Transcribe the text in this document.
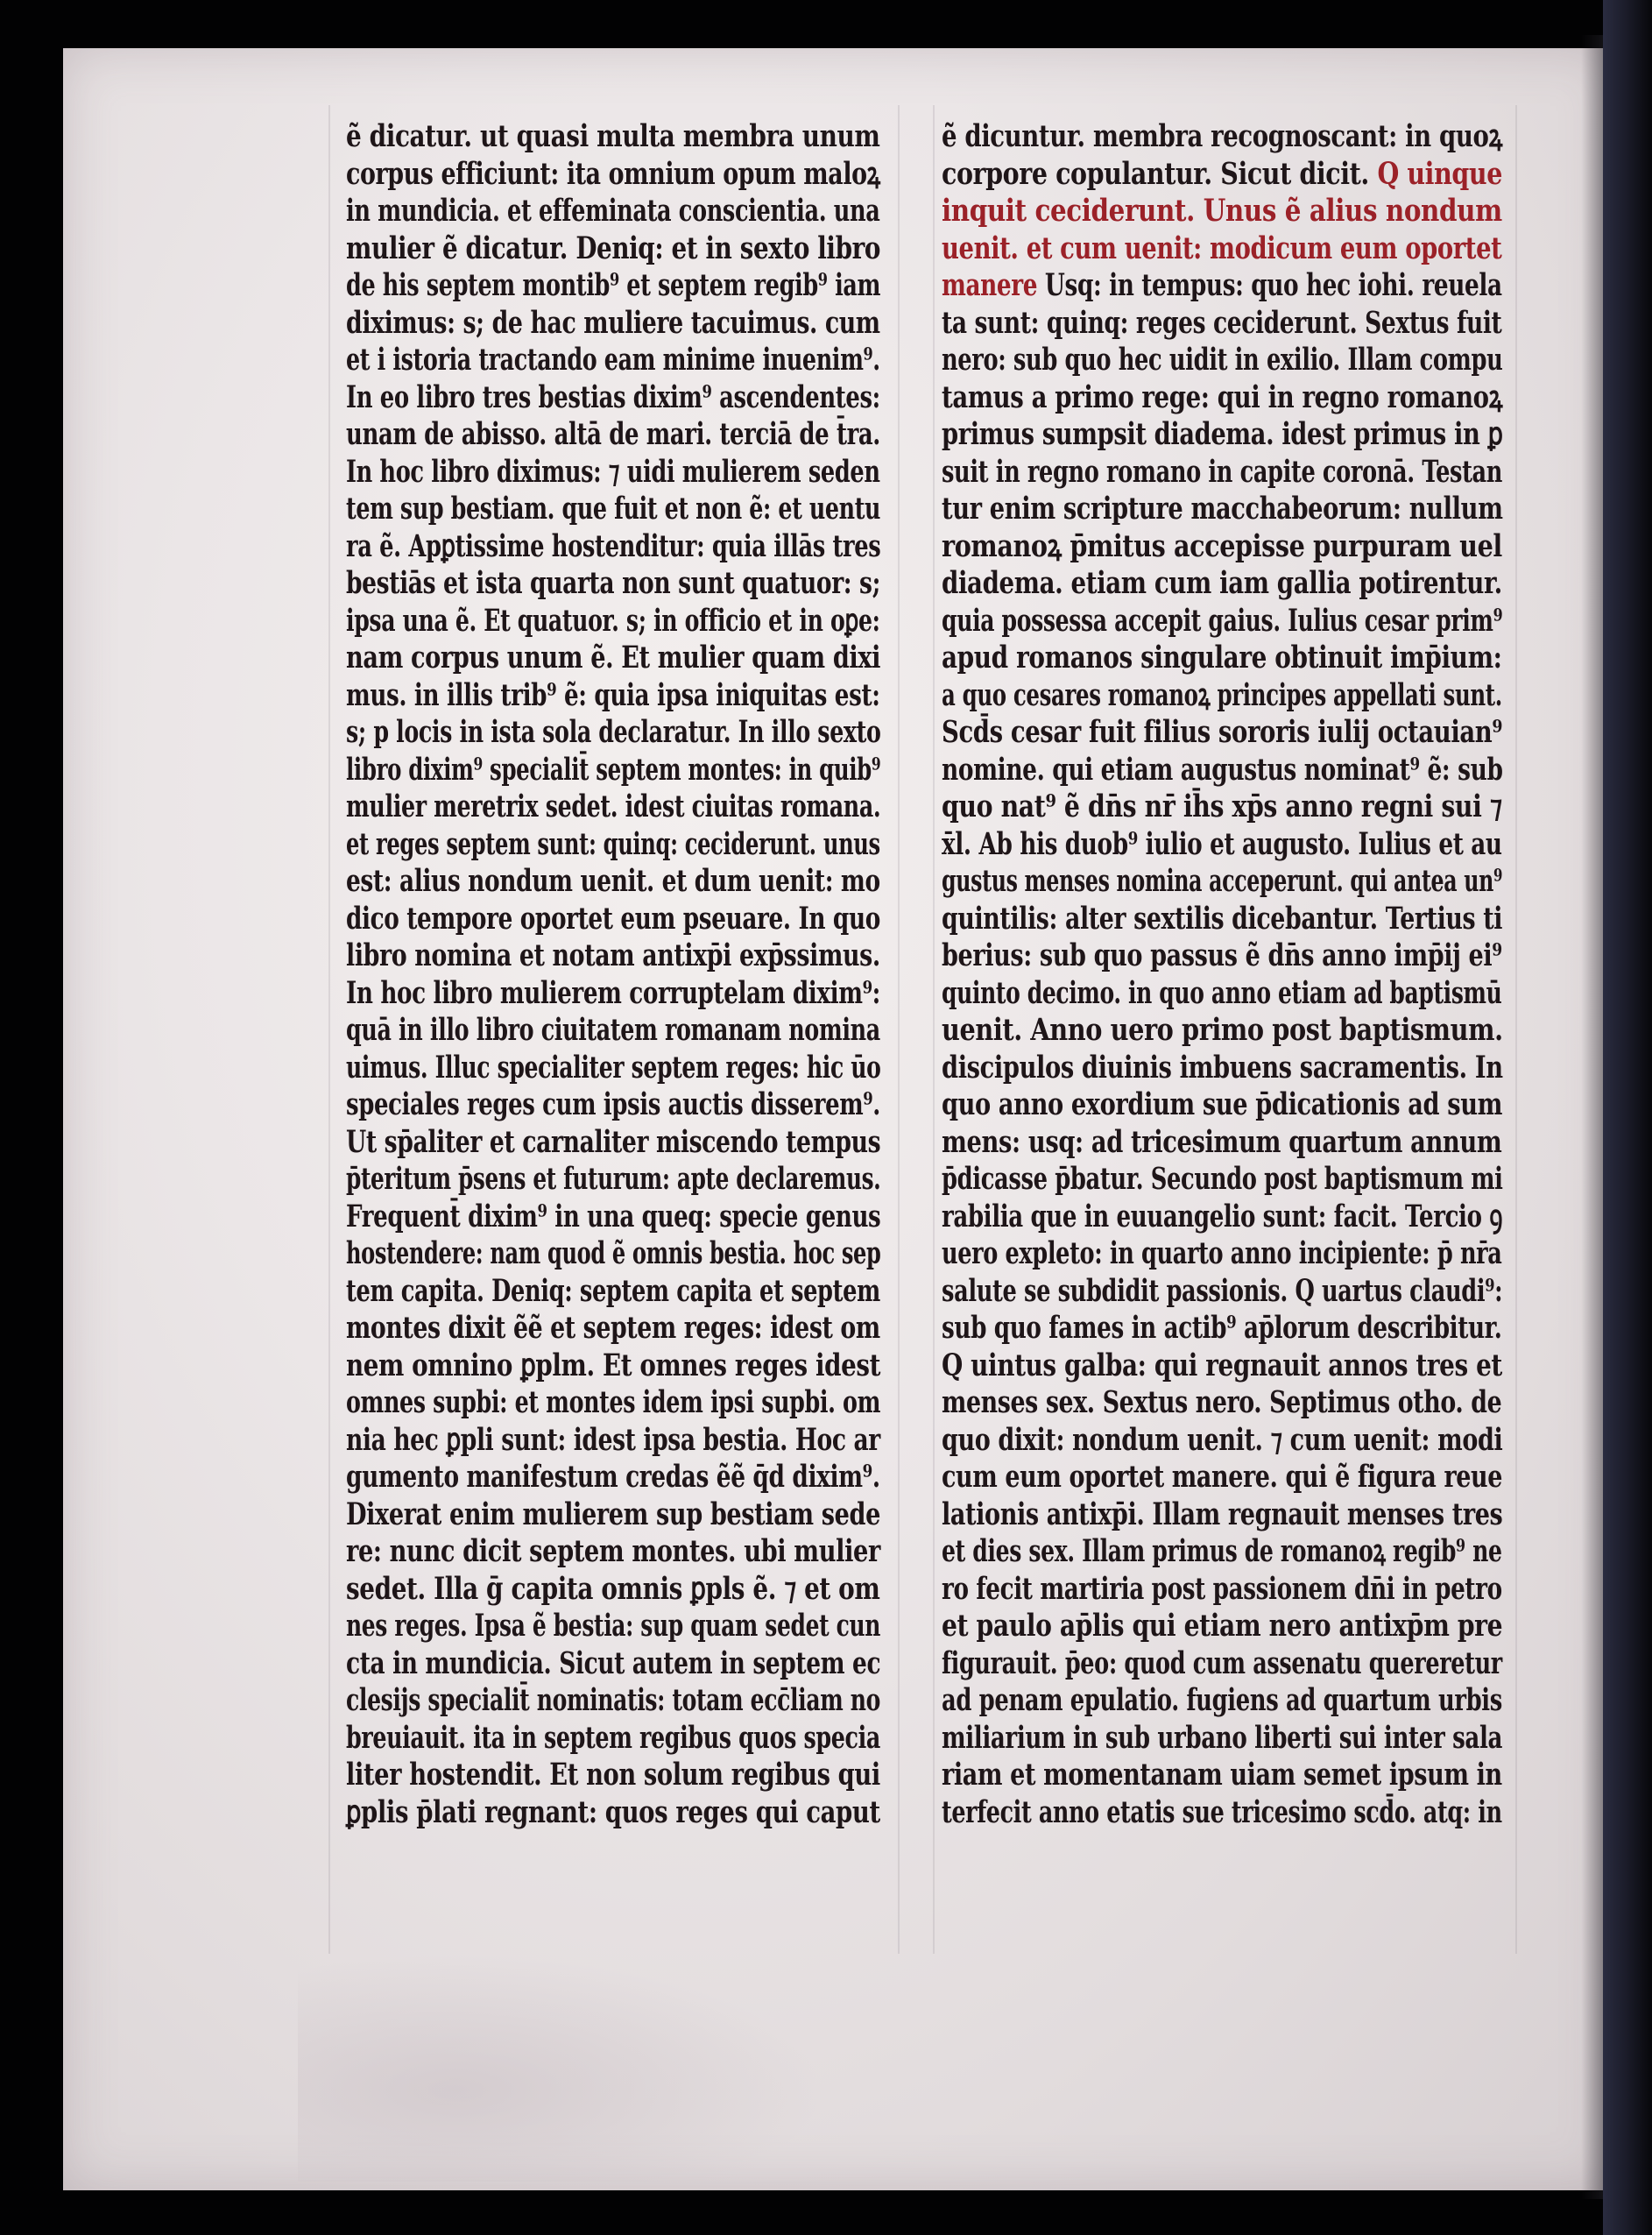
ẽ dicatur. ut quasi multa membra unum
corpus efficiunt: ita omnium opum maloꝝ
in mundicia. et effeminata conscientia. una
mulier ẽ dicatur. Deniq: et in sexto libro
de his septem montib⁹ et septem regib⁹ iam
diximus: s; de hac muliere tacuimus. cum
et i istoria tractando eam minime inuenim⁹.
In eo libro tres bestias dixim⁹ ascendentes:
unam de abisso. altā de mari. terciā de t̄ra.
In hoc libro diximus: ⁊ uidi mulierem seden
tem sup bestiam. que fuit et non ẽ: et uentu
ra ẽ. Apꝑtissime hostenditur: quia illās tres
bestiās et ista quarta non sunt quatuor: s;
ipsa una ẽ. Et quatuor. s; in officio et in oꝑe:
nam corpus unum ẽ. Et mulier quam dixi
mus. in illis trib⁹ ẽ: quia ipsa iniquitas est:
s; p locis in ista sola declaratur. In illo sexto
libro dixim⁹ specialit̄ septem montes: in quib⁹
mulier meretrix sedet. idest ciuitas romana.
et reges septem sunt: quinq: ceciderunt. unus
est: alius nondum uenit. et dum uenit: mo
dico tempore oportet eum pseuare. In quo
libro nomina et notam antixp̄i exp̄ssimus.
In hoc libro mulierem corruptelam dixim⁹:
quā in illo libro ciuitatem romanam nomina
uimus. Illuc specialiter septem reges: hic ūo
speciales reges cum ipsis auctis disserem⁹.
Ut sp̄aliter et carnaliter miscendo tempus
p̄teritum p̄sens et futurum: apte declaremus.
Frequent̄ dixim⁹ in una queq: specie genus
hostendere: nam quod ẽ omnis bestia. hoc sep
tem capita. Deniq: septem capita et septem
montes dixit ẽẽ et septem reges: idest om
nem omnino ꝑplm. Et omnes reges idest
omnes supbi: et montes idem ipsi supbi. om
nia hec ꝑpli sunt: idest ipsa bestia. Hoc ar
gumento manifestum credas ẽẽ q̄d dixim⁹.
Dixerat enim mulierem sup bestiam sede
re: nunc dicit septem montes. ubi mulier
sedet. Illa ḡ capita omnis ꝑpls ẽ. ⁊ et om
nes reges. Ipsa ẽ bestia: sup quam sedet cun
cta in mundicia. Sicut autem in septem ec
clesijs specialit̄ nominatis: totam ecc̄liam no
breuiauit. ita in septem regibus quos specia
liter hostendit. Et non solum regibus qui
ꝑplis p̄lati regnant: quos reges qui caput
ẽ dicuntur. membra recognoscant: in quoꝝ
corpore copulantur. Sicut dicit. Q uinque
inquit ceciderunt. Unus ẽ alius nondum
uenit. et cum uenit: modicum eum oportet
manere Usq: in tempus: quo hec iohi. reuela
ta sunt: quinq: reges ceciderunt. Sextus fuit
nero: sub quo hec uidit in exilio. Illam compu
tamus a primo rege: qui in regno romanoꝝ
primus sumpsit diadema. idest primus in ꝑ
suit in regno romano in capite coronā. Testan
tur enim scripture macchabeorum: nullum
romanoꝝ p̄mitus accepisse purpuram uel
diadema. etiam cum iam gallia potirentur.
quia possessa accepit gaius. Iulius cesar prim⁹
apud romanos singulare obtinuit imp̄ium:
a quo cesares romanoꝝ principes appellati sunt.
Scd̄s cesar fuit filius sororis iulij octauian⁹
nomine. qui etiam augustus nominat⁹ ẽ: sub
quo nat⁹ ẽ dn̄s nr̄ ih̄s xp̄s anno regni sui ⁊
x̄l. Ab his duob⁹ iulio et augusto. Iulius et au
gustus menses nomina acceperunt. qui antea un⁹
quintilis: alter sextilis dicebantur. Tertius ti
berius: sub quo passus ẽ dn̄s anno imp̄ij ei⁹
quinto decimo. in quo anno etiam ad baptismū
uenit. Anno uero primo post baptismum.
discipulos diuinis imbuens sacramentis. In
quo anno exordium sue p̄dicationis ad sum
mens: usq: ad tricesimum quartum annum
p̄dicasse p̄batur. Secundo post baptismum mi
rabilia que in euuangelio sunt: facit. Tercio ꝯ
uero expleto: in quarto anno incipiente: p̄ nr̄a
salute se subdidit passionis. Q uartus claudi⁹:
sub quo fames in actib⁹ ap̄lorum describitur.
Q uintus galba: qui regnauit annos tres et
menses sex. Sextus nero. Septimus otho. de
quo dixit: nondum uenit. ⁊ cum uenit: modi
cum eum oportet manere. qui ẽ figura reue
lationis antixp̄i. Illam regnauit menses tres
et dies sex. Illam primus de romanoꝝ regib⁹ ne
ro fecit martiria post passionem dn̄i in petro
et paulo ap̄lis qui etiam nero antixp̄m pre
figurauit. p̄eo: quod cum assenatu quereretur
ad penam epulatio. fugiens ad quartum urbis
miliarium in sub urbano liberti sui inter sala
riam et momentanam uiam semet ipsum in
terfecit anno etatis sue tricesimo scd̄o. atq: in
